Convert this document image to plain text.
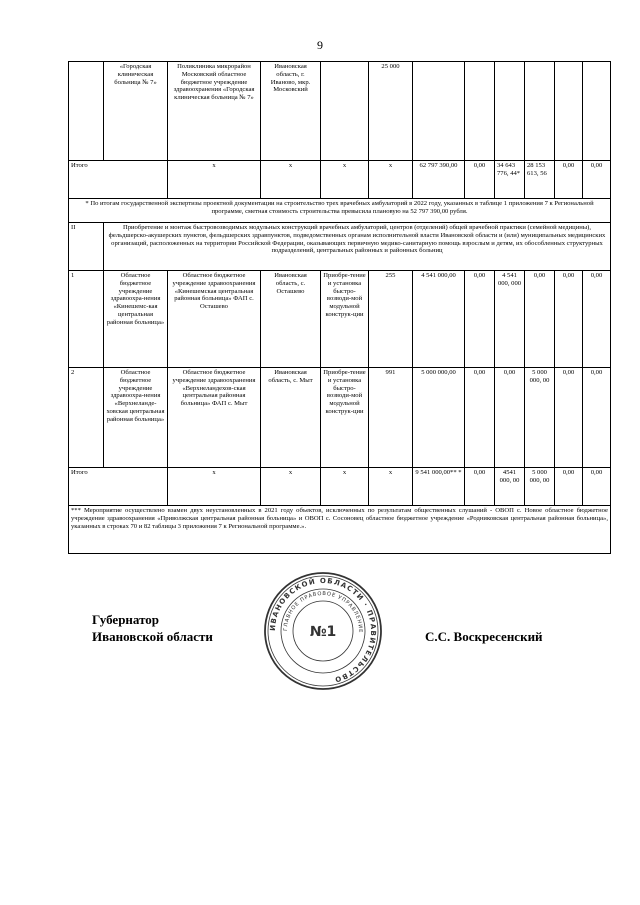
9
	«Городская клиническая больница № 7»	Поликлиника микрорайон Московский областное бюджетное учреждение здравоохранения «Городская клиническая больница № 7»	Ивановская область, г. Иваново, мкр. Московский		25 000						
Итого		х	х	х	х	62 797 390,00	0,00	34 643 776, 44*	28 153 613, 56	0,00	0,00
* По итогам государственной экспертизы проектной документации на строительство трех врачебных амбулаторий в 2022 году, указанных в таблице 1 приложения 7 к Региональной программе, сметная стоимость строительства превысила плановую на 52 797 390,00 рубля.											
II	Приобретение и монтаж быстровозводимых модульных конструкций врачебных амбулаторий, центров (отделений) общей врачебной практики (семейной медицины), фельдшерско-акушерских пунктов, фельдшерских здравпунктов, подведомственных органам исполнительной власти Ивановской области и (или) муниципальных медицинских организаций, расположенных на территории Российской Федерации, оказывающих первичную медико-санитарную помощь взрослым и детям, их обособленных структурных подразделений, центральных районных и районных больниц										
1	Областное бюджетное учреждение здравоохра-нения «Кинешемс-кая центральная районная больница»	Областное бюджетное учреждение здравоохранения «Кинешемская центральная районная больница» ФАП с. Осташево	Ивановская область, с. Осташево	Приобре-тение и установка быстро-возводи-мой модульной конструк-ции	255	4 541 000,00	0,00	4 541 000, 000	0,00	0,00	0,00
2	Областное бюджетное учреждение здравоохра-нения «Верхнеланде-ховская центральная районная больница»	Областное бюджетное учреждение здравоохранения «Верхнеландехов-ская центральная районная больница» ФАП с. Мыт	Ивановская область, с. Мыт	Приобре-тение и установка быстро-возводи-мой модульной конструк-ции	991	5 000 000,00	0,00	0,00	5 000 000, 00	0,00	0,00
Итого		х	х	х	х	9 541 000,00** *	0,00	4541 000, 00	5 000 000, 00	0,00	0,00
*** Мероприятие осуществлено взамен двух неустановленных в 2021 году объектов, исключенных по результатам общественных слушаний - ОВОП с. Новое областное бюджетное учреждение здравоохранения «Приволжская центральная районная больница» и ОВОП с. Сосоновец областное бюджетное учреждение «Родниковская центральная районная больница», указанных в строках 70 и 82 таблицы 3 приложения 7 к Региональной программе.».											
Губернатор
Ивановской области	С.С. Воскресенский
ИВАНОВСКОЙ ОБЛАСТИ · ПРАВИТЕЛЬСТВО
ГЛАВНОЕ ПРАВОВОЕ УПРАВЛЕНИЕ
№1
